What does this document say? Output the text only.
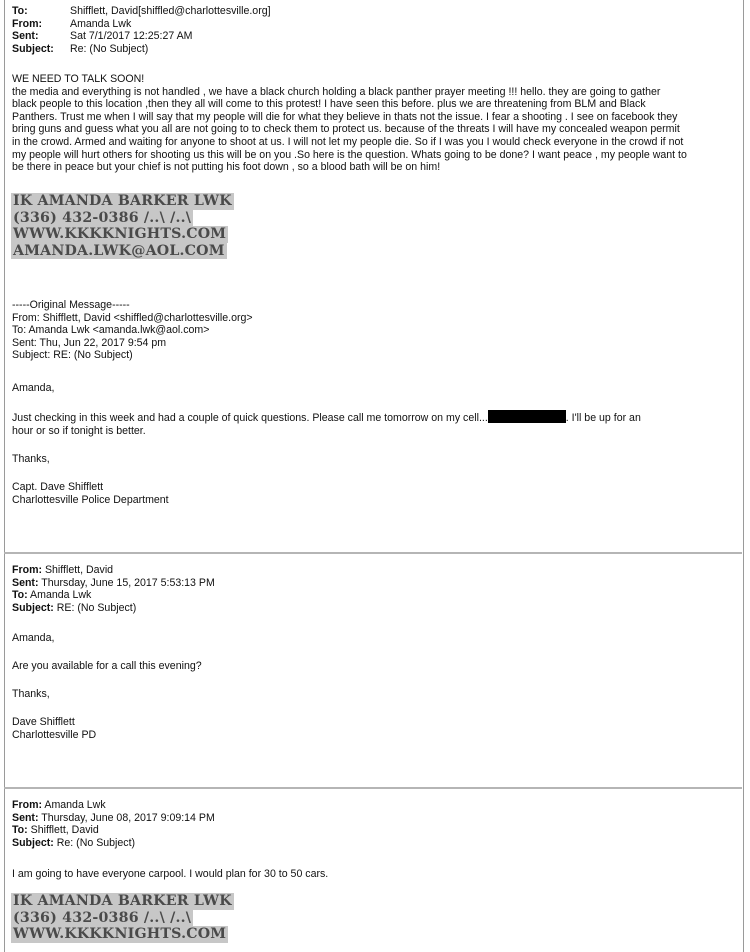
To:	Shifflett, David[shiffled@charlottesville.org]
From:	Amanda Lwk
Sent:	Sat 7/1/2017 12:25:27 AM
Subject:	Re: (No Subject)

WE NEED TO TALK SOON!

the media and everything is not handled , we have a black church holding a black panther prayer meeting !!! hello. they are going to gather

black people to this location ,then they all will come to this protest! I have seen this before. plus we are threatening from BLM and Black

Panthers. Trust me when I will say that my people will die for what they believe in thats not the issue. I fear a shooting . I see on facebook they

bring guns and guess what you all are not going to to check them to protect us. because of the threats I will have my concealed weapon permit

in the crowd. Armed and waiting for anyone to shoot at us. I will not let my people die. So if I was you I would check everyone in the crowd if not

my people will hurt others for shooting us this will be on you .So here is the question. Whats going to be done? I want peace , my people want to

be there in peace but your chief is not putting his foot down , so a blood bath will be on him!

IK AMANDA BARKER LWK
(336) 432-0386 /..\ /..\
WWW.KKKKNIGHTS.COM
AMANDA.LWK@AOL.COM

-----Original Message-----

From: Shifflett, David <shiffled@charlottesville.org>

To: Amanda Lwk <amanda.lwk@aol.com>

Sent: Thu, Jun 22, 2017 9:54 pm

Subject: RE: (No Subject)

Amanda,

Just checking in this week and had a couple of quick questions. Please call me tomorrow on my cell...	. I'll be up for an

hour or so if tonight is better.

Thanks,

Capt. Dave Shifflett

Charlottesville Police Department

From: Shifflett, David

Sent: Thursday, June 15, 2017 5:53:13 PM

To: Amanda Lwk

Subject: RE: (No Subject)

Amanda,

Are you available for a call this evening?

Thanks,

Dave Shifflett

Charlottesville PD

From: Amanda Lwk

Sent: Thursday, June 08, 2017 9:09:14 PM

To: Shifflett, David

Subject: Re: (No Subject)

I am going to have everyone carpool. I would plan for 30 to 50 cars.

IK AMANDA BARKER LWK
(336) 432-0386 /..\ /..\
WWW.KKKKNIGHTS.COM
